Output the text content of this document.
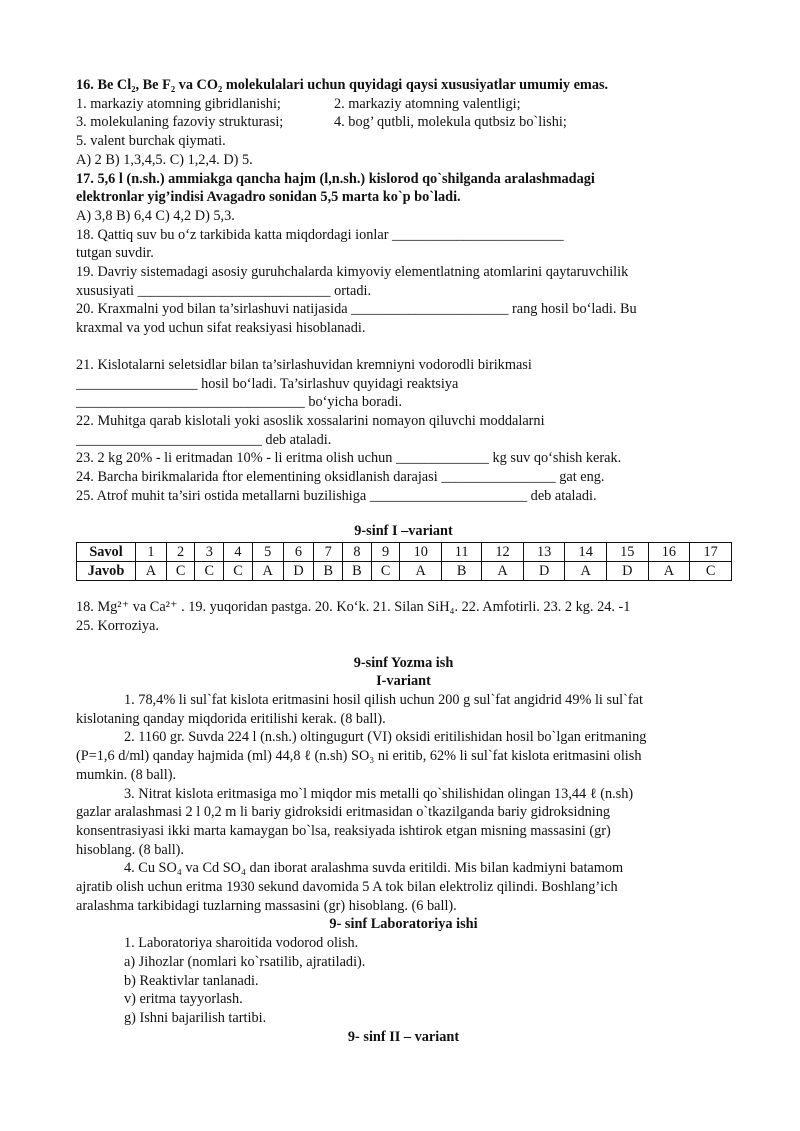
16. Be Cl₂, Be F₂ va CO₂ molekulalari uchun quyidagi qaysi xususiyatlar umumiy emas.
1. markaziy atomning gibridlanishi;	2. markaziy atomning valentligi;
3. molekulaning fazoviy strukturasi;	4. bog’ qutbli, molekula qutbsiz bo`lishi;
5. valent burchak qiymati.
A) 2 B) 1,3,4,5. C) 1,2,4. D) 5.
17. 5,6 l (n.sh.) ammiakga qancha hajm (l,n.sh.) kislorod qo`shilganda aralashmadagi
elektronlar yig’indisi Avagadro sonidan 5,5 marta ko`p bo`ladi.
A) 3,8 B) 6,4 C) 4,2 D) 5,3.
18. Qattiq suv bu o‘z tarkibida katta miqdordagi ionlar ________________________
tutgan suvdir.
19. Davriy sistemadagi asosiy guruhchalarda kimyoviy elementlatning atomlarini qaytaruvchilik
xususiyati ___________________________ ortadi.
20. Kraxmalni yod bilan ta’sirlashuvi natijasida ______________________ rang hosil bo‘ladi. Bu
kraxmal va yod uchun sifat reaksiyasi hisoblanadi.
21. Kislotalarni seletsidlar bilan ta’sirlashuvidan kremniyni vodorodli birikmasi
_________________ hosil bo‘ladi. Ta’sirlashuv quyidagi reaktsiya
________________________________ bo‘yicha boradi.
22. Muhitga qarab kislotali yoki asoslik xossalarini nomayon qiluvchi moddalarni
__________________________ deb ataladi.
23. 2 kg 20% - li eritmadan 10% - li eritma olish uchun _____________ kg suv qo‘shish kerak.
24. Barcha birikmalarida ftor elementining oksidlanish darajasi ________________ gat eng.
25. Atrof muhit ta’siri ostida metallarni buzilishiga ______________________ deb ataladi.
9-sinf I –variant
Savol	1	2	3	4	5	6	7	8	9	10	11	12	13	14	15	16	17
Javob	A	C	C	C	A	D	B	B	C	A	B	A	D	A	D	A	C
18. Mg²⁺ va Ca²⁺ . 19. yuqoridan pastga. 20. Ko‘k. 21. Silan SiH₄. 22. Amfotirli. 23. 2 kg. 24. -1
25. Korroziya.
9-sinf Yozma ish
I-variant
1. 78,4% li sul`fat kislota eritmasini hosil qilish uchun 200 g sul`fat angidrid 49% li sul`fat
kislotaning qanday miqdorida eritilishi kerak. (8 ball).
2. 1160 gr. Suvda 224 l (n.sh.) oltingugurt (VI) oksidi eritilishidan hosil bo`lgan eritmaning
(P=1,6 d/ml) qanday hajmida (ml) 44,8 ℓ (n.sh) SO₃ ni eritib, 62% li sul`fat kislota eritmasini olish
mumkin. (8 ball).
3. Nitrat kislota eritmasiga mo`l miqdor mis metalli qo`shilishidan olingan 13,44 ℓ (n.sh)
gazlar aralashmasi 2 l 0,2 m li bariy gidroksidi eritmasidan o`tkazilganda bariy gidroksidning
konsentrasiyasi ikki marta kamaygan bo`lsa, reaksiyada ishtirok etgan misning massasini (gr)
hisoblang. (8 ball).
4. Cu SO₄ va Cd SO₄ dan iborat aralashma suvda eritildi. Mis bilan kadmiyni batamom
ajratib olish uchun eritma 1930 sekund davomida 5 A tok bilan elektroliz qilindi. Boshlang’ich
aralashma tarkibidagi tuzlarning massasini (gr) hisoblang. (6 ball).
9- sinf Laboratoriya ishi
1. Laboratoriya sharoitida vodorod olish.
a) Jihozlar (nomlari ko`rsatilib, ajratiladi).
b) Reaktivlar tanlanadi.
v) eritma tayyorlash.
g) Ishni bajarilish tartibi.
9- sinf II – variant
